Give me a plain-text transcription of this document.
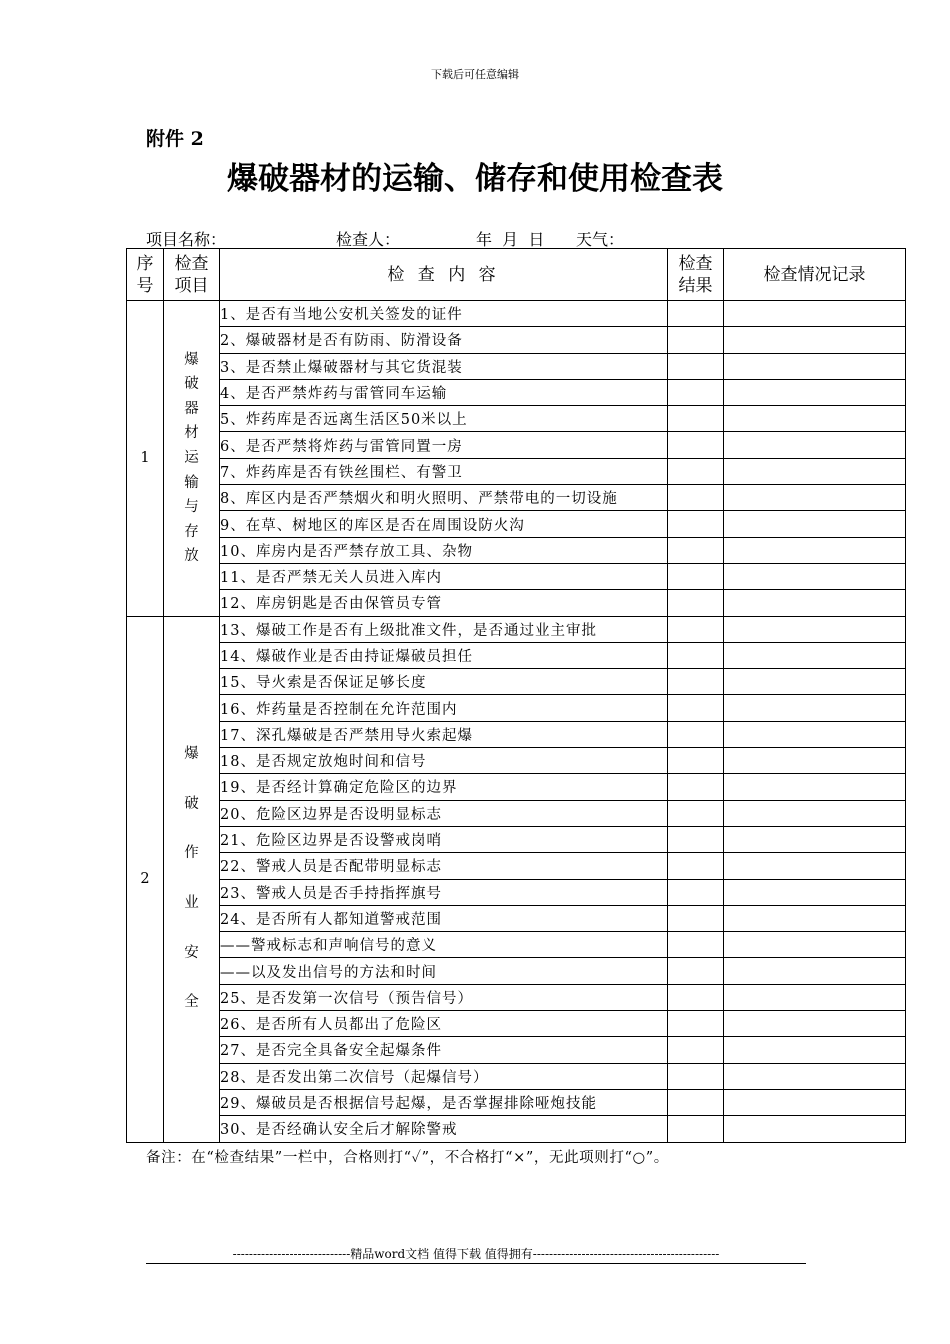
下载后可任意编辑
附件 2
爆破器材的运输、储存和使用检查表
项目名称：	检查人：	年  月  日 天气：
序号	检查项目	检 查 内 容	检查结果	检查情况记录
1	爆破器材运输与存放	1、是否有当地公安机关签发的证件		
		2、爆破器材是否有防雨、防滑设备		
		3、是否禁止爆破器材与其它货混装		
		4、是否严禁炸药与雷管同车运输		
		5、炸药库是否远离生活区50米以上		
		6、是否严禁将炸药与雷管同置一房		
		7、炸药库是否有铁丝围栏、有警卫		
		8、库区内是否严禁烟火和明火照明、严禁带电的一切设施		
		9、在草、树地区的库区是否在周围设防火沟		
		10、库房内是否严禁存放工具、杂物		
		11、是否严禁无关人员进入库内		
		12、库房钥匙是否由保管员专管		
2	爆破作业安全	13、爆破工作是否有上级批准文件，是否通过业主审批		
		14、爆破作业是否由持证爆破员担任		
		15、导火索是否保证足够长度		
		16、炸药量是否控制在允许范围内		
		17、深孔爆破是否严禁用导火索起爆		
		18、是否规定放炮时间和信号		
		19、是否经计算确定危险区的边界		
		20、危险区边界是否设明显标志		
		21、危险区边界是否设警戒岗哨		
		22、警戒人员是否配带明显标志		
		23、警戒人员是否手持指挥旗号		
		24、是否所有人都知道警戒范围		
		——警戒标志和声响信号的意义		
		——以及发出信号的方法和时间		
		25、是否发第一次信号（预告信号）		
		26、是否所有人员都出了危险区		
		27、是否完全具备安全起爆条件		
		28、是否发出第二次信号（起爆信号）		
		29、爆破员是否根据信号起爆，是否掌握排除哑炮技能		
		30、是否经确认安全后才解除警戒		
备注：在“检查结果”一栏中，合格则打“✓”，不合格打“×”，无此项则打“○”。
-----------------------------精品word文档 值得下载 值得拥有----------------------------------------------
